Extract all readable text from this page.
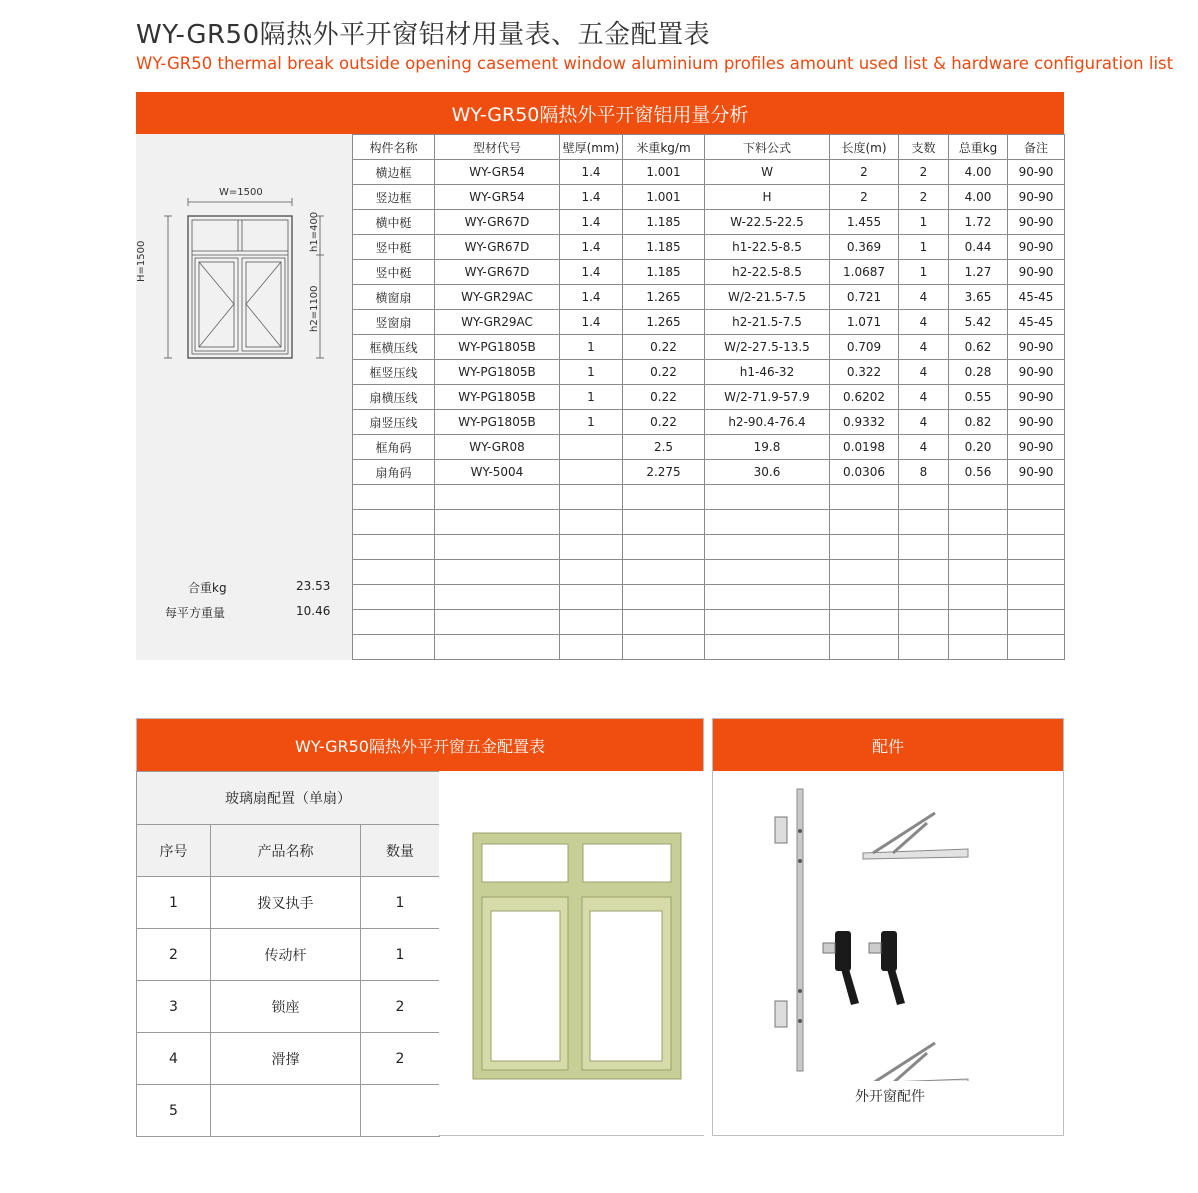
WY-GR50隔热外平开窗铝材用量表、五金配置表
WY-GR50 thermal break outside opening casement window aluminium profiles amount used list & hardware configuration list
WY-GR50隔热外平开窗铝用量分析
W=1500
H=1500
h1=400
h2=1100
合重kg	23.53
每平方重量	10.46
构件名称	型材代号	壁厚(mm)	米重kg/m	下料公式	长度(m)	支数	总重kg	备注
横边框	WY-GR54	1.4	1.001	W	2	2	4.00	90-90
竖边框	WY-GR54	1.4	1.001	H	2	2	4.00	90-90
横中梃	WY-GR67D	1.4	1.185	W-22.5-22.5	1.455	1	1.72	90-90
竖中梃	WY-GR67D	1.4	1.185	h1-22.5-8.5	0.369	1	0.44	90-90
竖中梃	WY-GR67D	1.4	1.185	h2-22.5-8.5	1.0687	1	1.27	90-90
横窗扇	WY-GR29AC	1.4	1.265	W/2-21.5-7.5	0.721	4	3.65	45-45
竖窗扇	WY-GR29AC	1.4	1.265	h2-21.5-7.5	1.071	4	5.42	45-45
框横压线	WY-PG1805B	1	0.22	W/2-27.5-13.5	0.709	4	0.62	90-90
框竖压线	WY-PG1805B	1	0.22	h1-46-32	0.322	4	0.28	90-90
扇横压线	WY-PG1805B	1	0.22	W/2-71.9-57.9	0.6202	4	0.55	90-90
扇竖压线	WY-PG1805B	1	0.22	h2-90.4-76.4	0.9332	4	0.82	90-90
框角码	WY-GR08		2.5	19.8	0.0198	4	0.20	90-90
扇角码	WY-5004		2.275	30.6	0.0306	8	0.56	90-90

WY-GR50隔热外平开窗五金配置表
玻璃扇配置（单扇）		
序号	产品名称	数量
1	拨叉执手	1
2	传动杆	1
3	锁座	2
4	滑撑	2
5		
配件
外开窗配件
